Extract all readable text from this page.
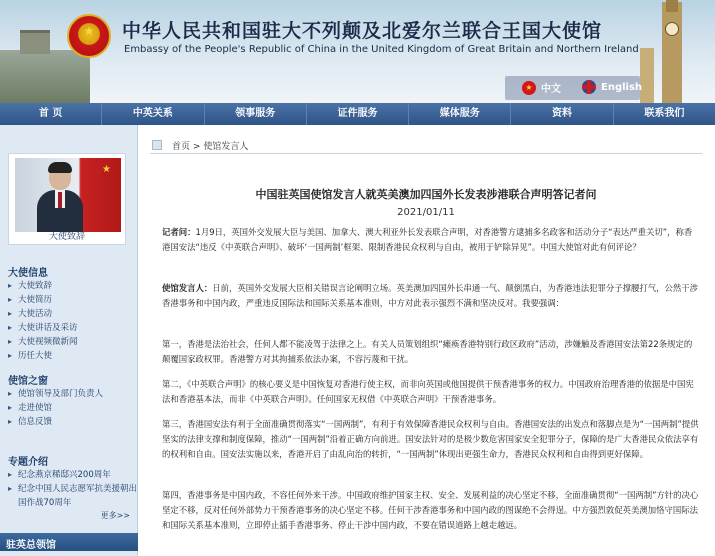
★ 中华人民共和国驻大不列颠及北爱尔兰联合王国大使馆
Embassy of the People's Republic of China in the United Kingdom of Great Britain and Northern Ireland
★ 中文	English
首 页	中英关系	领事服务	证件服务	媒体服务	资料	联系我们
★
大使致辞
大使信息
▸ 大使致辞
▸ 大使简历
▸ 大使活动
▸ 大使讲话及采访
▸ 大使视频微新闻
▸ 历任大使
使馆之窗
▸ 使馆领导及部门负责人
▸ 走进使馆
▸ 信息反馈
专题介绍
▸ 纪念燕京稀邸兴200周年
▸ 纪念中国人民志愿军抗美援朝出国作战70周年
更多>>
驻英总领馆
首页 > 使馆发言人
中国驻英国使馆发言人就英美澳加四国外长发表涉港联合声明答记者问
2021/01/11
记者问：1月9日，英国外交发展大臣与美国、加拿大、澳大利亚外长发表联合声明，对香港警方逮捕多名政客和活动分子“表达严重关切”，称香港国安法“违反《中英联合声明》、破坏‘一国两制’框架、限制香港民众权利与自由，被用于铲除异见”。中国大使馆对此有何评论？
使馆发言人：日前，英国外交发展大臣相关错误言论阐明立场。英美澳加四国外长串通一气、颠倒黑白，为香港违法犯罪分子撑腰打气，公然干涉香港事务和中国内政，严重违反国际法和国际关系基本准则，中方对此表示强烈不满和坚决反对。我要强调：
第一，香港是法治社会，任何人都不能凌驾于法律之上。有关人员策划组织“瘫痪香港特别行政区政府”活动，涉嫌触及香港国安法第22条规定的颠覆国家政权罪。香港警方对其拘捕系依法办案，不容污蔑和干扰。
第二，《中英联合声明》的核心要义是中国恢复对香港行使主权，而非向英国或他国提供干预香港事务的权力。中国政府治理香港的依据是中国宪法和香港基本法，而非《中英联合声明》。任何国家无权借《中英联合声明》干预香港事务。
第三，香港国安法有利于全面准确贯彻落实“一国两制”，有利于有效保障香港民众权利与自由。香港国安法的出发点和落脚点是为“一国两制”提供坚实的法律支撑和制度保障，推动“一国两制”沿着正确方向前进。国安法针对的是极少数危害国家安全犯罪分子，保障的是广大香港民众依法享有的权利和自由。国安法实施以来，香港开启了由乱向治的转折，“一国两制”体现出更强生命力，香港民众权利和自由得到更好保障。
第四，香港事务是中国内政，不容任何外来干涉。中国政府维护国家主权、安全、发展利益的决心坚定不移，全面准确贯彻“一国两制”方针的决心坚定不移，反对任何外部势力干预香港事务的决心坚定不移。任何干涉香港事务和中国内政的图谋绝不会得逞。中方强烈敦促英美澳加恪守国际法和国际关系基本准则，立即停止插手香港事务、停止干涉中国内政，不要在错误道路上越走越远。
